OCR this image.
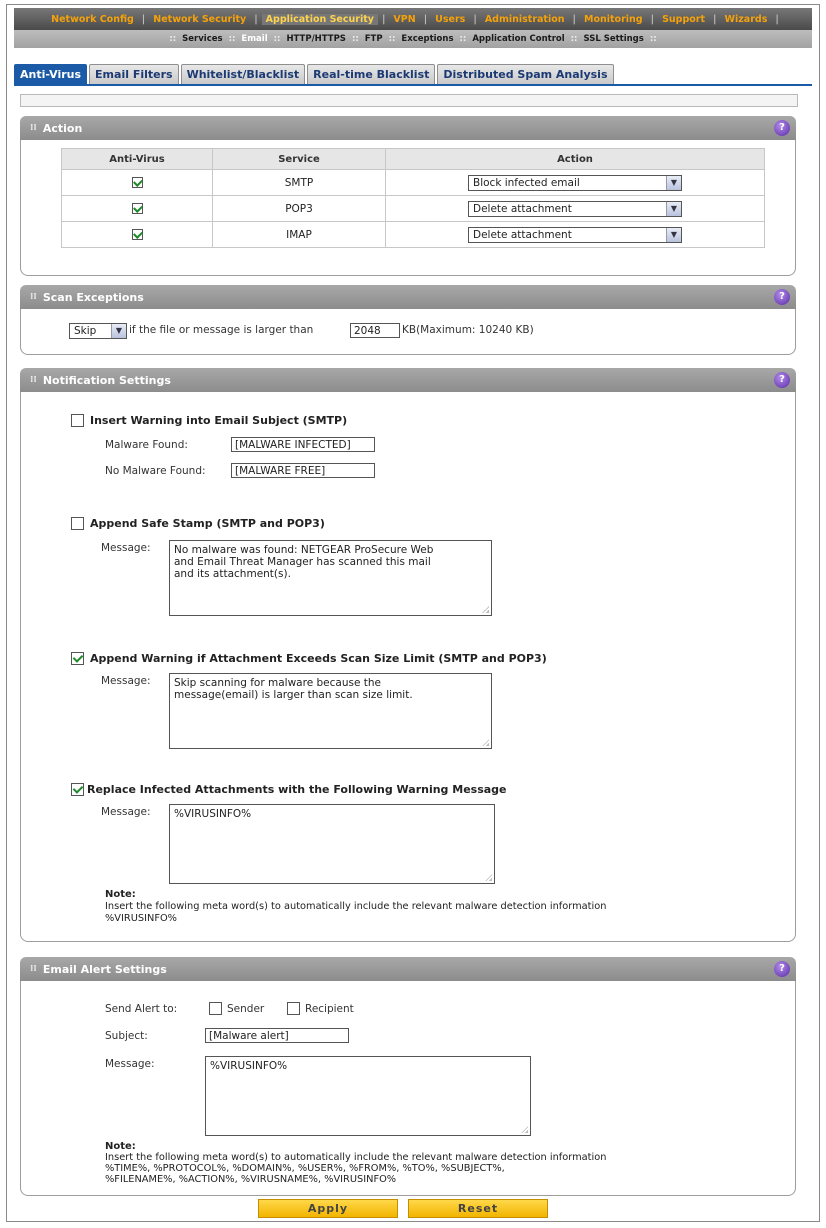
Network Config | Network Security | Application Security | VPN | Users | Administration | Monitoring | Support | Wizards |
:: Services :: Email :: HTTP/HTTPS :: FTP :: Exceptions :: Application Control :: SSL Settings ::
Anti-Virus	Email Filters	Whitelist/Blacklist	Real-time Blacklist	Distributed Spam Analysis
⁞⁞ Action	?
Anti-Virus	Service	Action
	SMTP	Block infected email ▼

	POP3	Delete attachment ▼

	IMAP	Delete attachment ▼
⁞⁞ Scan Exceptions	?
Skip	▼ if the file or message is larger than	2048	KB(Maximum: 10240 KB)
⁞⁞ Notification Settings	?
Insert Warning into Email Subject (SMTP)
Malware Found:	[MALWARE INFECTED]
No Malware Found:	[MALWARE FREE]
Append Safe Stamp (SMTP and POP3)
Message: No malware was found: NETGEAR ProSecure Web
and Email Threat Manager has scanned this mail
and its attachment(s).
Append Warning if Attachment Exceeds Scan Size Limit (SMTP and POP3)
Message: Skip scanning for malware because the
message(email) is larger than scan size limit.
Replace Infected Attachments with the Following Warning Message
Message: %VIRUSINFO%
Note:
Insert the following meta word(s) to automatically include the relevant malware detection information
%VIRUSINFO%
⁞⁞ Email Alert Settings	?
Send Alert to:	Sender	Recipient
Subject:	[Malware alert]
Message:	%VIRUSINFO%
Note:
Insert the following meta word(s) to automatically include the relevant malware detection information
%TIME%, %PROTOCOL%, %DOMAIN%, %USER%, %FROM%, %TO%, %SUBJECT%,
%FILENAME%, %ACTION%, %VIRUSNAME%, %VIRUSINFO%
Apply	Reset
